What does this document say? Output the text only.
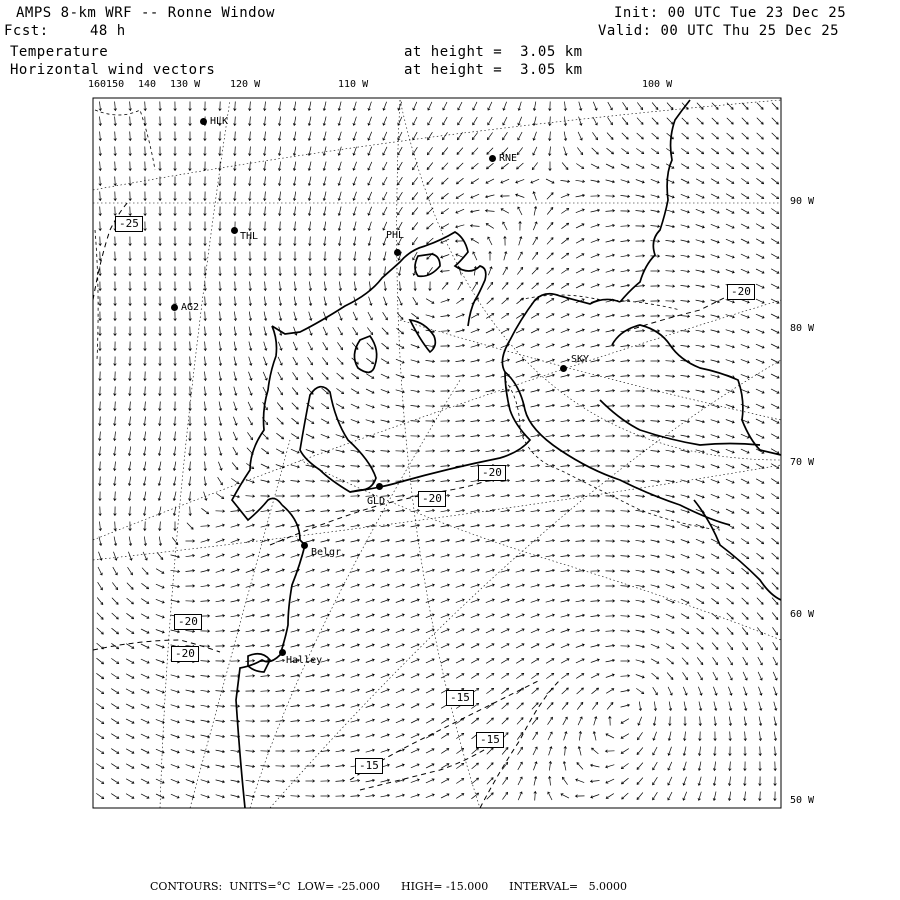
AMPS 8-km WRF -- Ronne Window
Fcst:	48 h
Init: 00 UTC Tue 23 Dec 25
Valid: 00 UTC Thu 25 Dec 25
Temperature
Horizontal wind vectors
at height =  3.05 km
at height =  3.05 km
160150 140 130 W	120 W	110 W	100 W
90 W
80 W
70 W
60 W
50 W
HLK
RNE
THL	PHL
AG2
SKY
GLD
Belgr
Halley
-25
-20
-20
-20
-20
-20
-15
-15
-15
CONTOURS:  UNITS=°C  LOW= -25.000      HIGH= -15.000      INTERVAL=   5.0000
